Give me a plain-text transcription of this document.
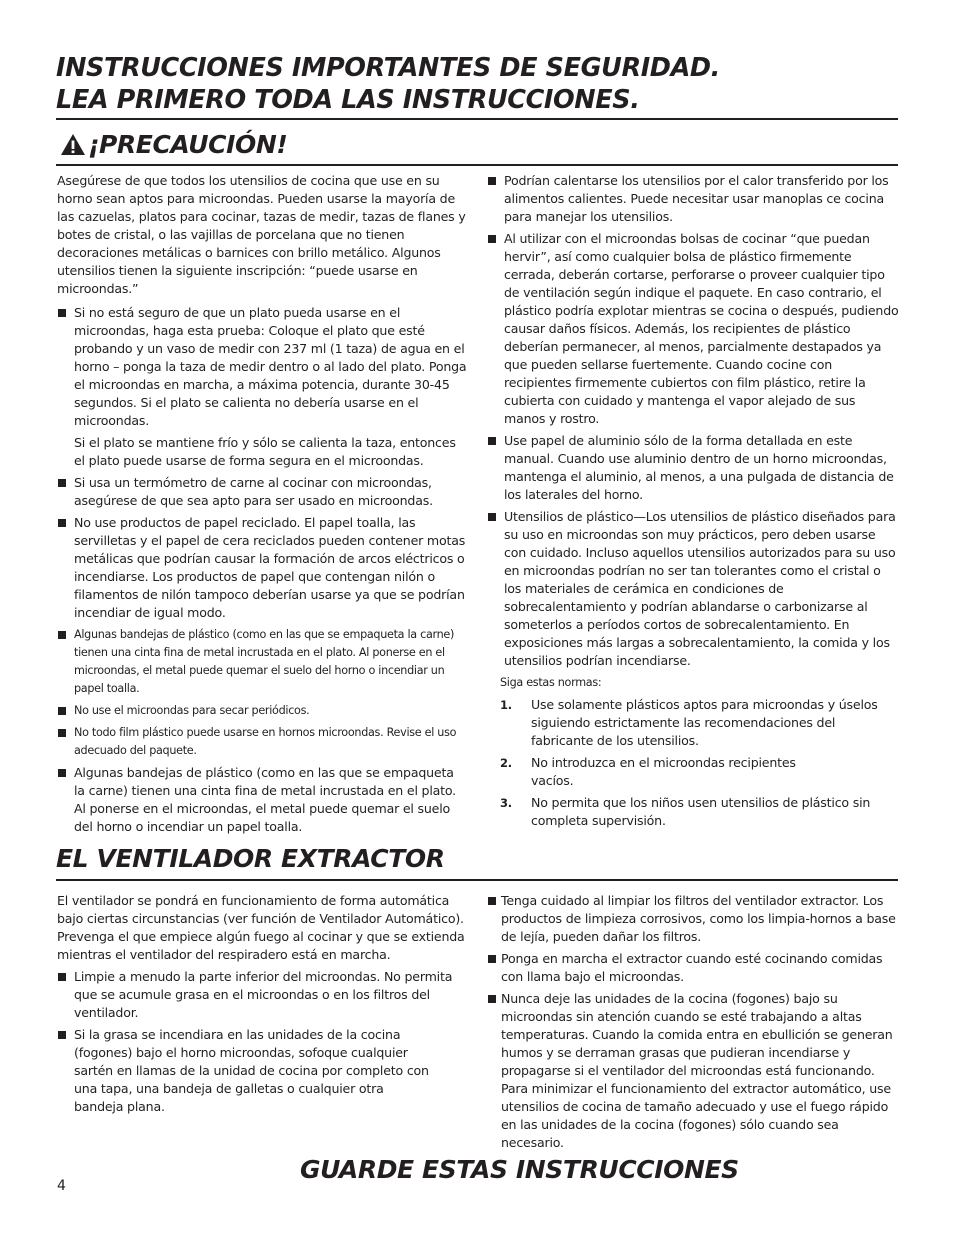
INSTRUCCIONES IMPORTANTES DE SEGURIDAD.
LEA PRIMERO TODA LAS INSTRUCCIONES.
¡PRECAUCIÓN!

Asegúrese de que todos los utensilios de cocina que use en su horno sean aptos para microondas. Pueden usarse la mayoría de las cazuelas, platos para cocinar, tazas de medir, tazas de flanes y botes de cristal, o las vajillas de porcelana que no tienen decoraciones metálicas o barnices con brillo metálico. Algunos utensilios tienen la siguiente inscripción: “puede usarse en microondas.”

Si no está seguro de que un plato pueda usarse en el microondas, haga esta prueba: Coloque el plato que esté probando y un vaso de medir con 237 ml (1 taza) de agua en el horno – ponga la taza de medir dentro o al lado del plato. Ponga el microondas en marcha, a máxima potencia, durante 30-45 segundos. Si el plato se calienta no debería usarse en el microondas.

Si el plato se mantiene frío y sólo se calienta la taza, entonces el plato puede usarse de forma segura en el microondas.

Si usa un termómetro de carne al cocinar con microondas, asegúrese de que sea apto para ser usado en microondas.

No use productos de papel reciclado. El papel toalla, las servilletas y el papel de cera reciclados pueden contener motas metálicas que podrían causar la formación de arcos eléctricos o incendiarse. Los productos de papel que contengan nilón o filamentos de nilón tampoco deberían usarse ya que se podrían incendiar de igual modo.

Algunas bandejas de plástico (como en las que se empaqueta la carne) tienen una cinta fina de metal incrustada en el plato. Al ponerse en el microondas, el metal puede quemar el suelo del horno o incendiar un papel toalla.

No use el microondas para secar periódicos.

No todo film plástico puede usarse en hornos microondas. Revise el uso adecuado del paquete.

Algunas bandejas de plástico (como en las que se empaqueta la carne) tienen una cinta fina de metal incrustada en el plato. Al ponerse en el microondas, el metal puede quemar el suelo del horno o incendiar un papel toalla.

Podrían calentarse los utensilios por el calor transferido por los alimentos calientes. Puede necesitar usar manoplas ce cocina para manejar los utensilios.

Al utilizar con el microondas bolsas de cocinar “que puedan hervir”, así como cualquier bolsa de plástico firmemente cerrada, deberán cortarse, perforarse o proveer cualquier tipo de ventilación según indique el paquete. En caso contrario, el plástico podría explotar mientras se cocina o después, pudiendo causar daños físicos. Además, los recipientes de plástico deberían permanecer, al menos, parcialmente destapados ya que pueden sellarse fuertemente. Cuando cocine con recipientes firmemente cubiertos con film plástico, retire la cubierta con cuidado y mantenga el vapor alejado de sus manos y rostro.

Use papel de aluminio sólo de la forma detallada en este manual. Cuando use aluminio dentro de un horno microondas, mantenga el aluminio, al menos, a una pulgada de distancia de los laterales del horno.

Utensilios de plástico—Los utensilios de plástico diseñados para su uso en microondas son muy prácticos, pero deben usarse con cuidado. Incluso aquellos utensilios autorizados para su uso en microondas podrían no ser tan tolerantes como el cristal o los materiales de cerámica en condiciones de sobrecalentamiento y podrían ablandarse o carbonizarse al someterlos a períodos cortos de sobrecalentamiento. En exposiciones más largas a sobrecalentamiento, la comida y los utensilios podrían incendiarse.

Siga estas normas:

1. Use solamente plásticos aptos para microondas y úselos siguiendo estrictamente las recomendaciones del fabricante de los utensilios.

2. No introduzca en el microondas recipientes vacíos.

3. No permita que los niños usen utensilios de plástico sin completa supervisión.

EL VENTILADOR EXTRACTOR

El ventilador se pondrá en funcionamiento de forma automática bajo ciertas circunstancias (ver función de Ventilador Automático). Prevenga el que empiece algún fuego al cocinar y que se extienda mientras el ventilador del respiradero está en marcha.

Limpie a menudo la parte inferior del microondas. No permita que se acumule grasa en el microondas o en los filtros del ventilador.

Si la grasa se incendiara en las unidades de la cocina (fogones) bajo el horno microondas, sofoque cualquier sartén en llamas de la unidad de cocina por completo con una tapa, una bandeja de galletas o cualquier otra bandeja plana.

Tenga cuidado al limpiar los filtros del ventilador extractor. Los productos de limpieza corrosivos, como los limpia-hornos a base de lejía, pueden dañar los filtros.

Ponga en marcha el extractor cuando esté cocinando comidas con llama bajo el microondas.

Nunca deje las unidades de la cocina (fogones) bajo su microondas sin atención cuando se esté trabajando a altas temperaturas. Cuando la comida entra en ebullición se generan humos y se derraman grasas que pudieran incendiarse y propagarse si el ventilador del microondas está funcionando. Para minimizar el funcionamiento del extractor automático, use utensilios de cocina de tamaño adecuado y use el fuego rápido en las unidades de la cocina (fogones) sólo cuando sea necesario.

GUARDE ESTAS INSTRUCCIONES
4
